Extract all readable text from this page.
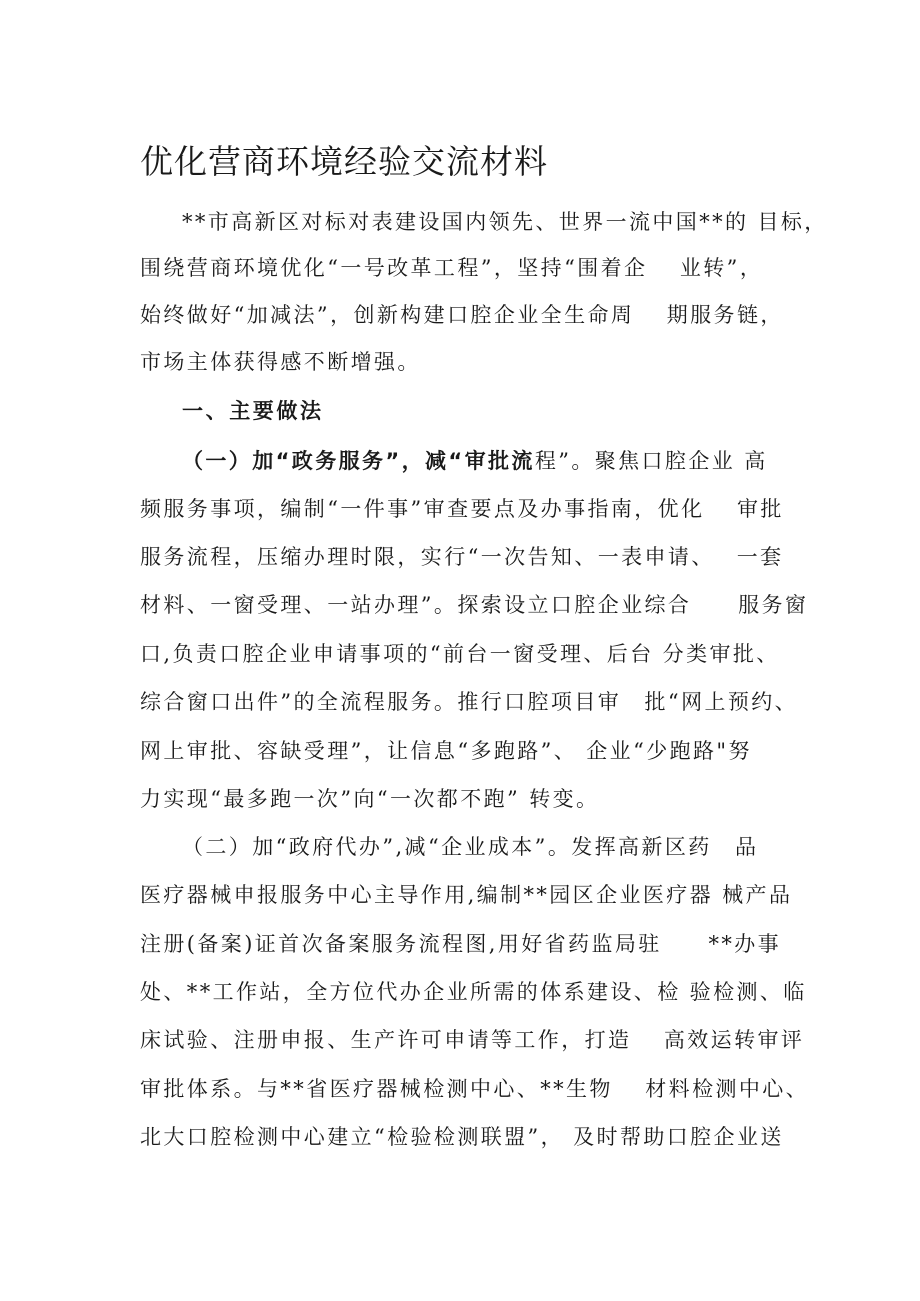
优化营商环境经验交流材料
**市高新区对标对表建设国内领先、世界一流中国**的 目标，
围绕营商环境优化“一号改革工程”，坚持“围着企　 业转”，
始终做好“加减法”，创新构建口腔企业全生命周　 期服务链，
市场主体获得感不断增强。
一、主要做法
（一）加“政务服务”，减“审批流程”。聚焦口腔企业 高
频服务事项，编制“一件事”审查要点及办事指南，优化　 审批
服务流程，压缩办理时限，实行“一次告知、一表申请、　 一套
材料、一窗受理、一站办理”。探索设立口腔企业综合　　服务窗
口,负责口腔企业申请事项的“前台一窗受理、后台 分类审批、
综合窗口出件”的全流程服务。推行口腔项目审　批“网上预约、
网上审批、容缺受理”，让信息“多跑路”、 企业“少跑路"努
力实现“最多跑一次”向“一次都不跑” 转变。
（二）加“政府代办”,减“企业成本”。发挥高新区药　品
医疗器械申报服务中心主导作用,编制**园区企业医疗器 械产品
注册(备案)证首次备案服务流程图,用好省药监局驻　　**办事
处、**工作站，全方位代办企业所需的体系建设、检 验检测、临
床试验、注册申报、生产许可申请等工作，打造　 高效运转审评
审批体系。与**省医疗器械检测中心、**生物　 材料检测中心、
北大口腔检测中心建立“检验检测联盟”， 及时帮助口腔企业送
